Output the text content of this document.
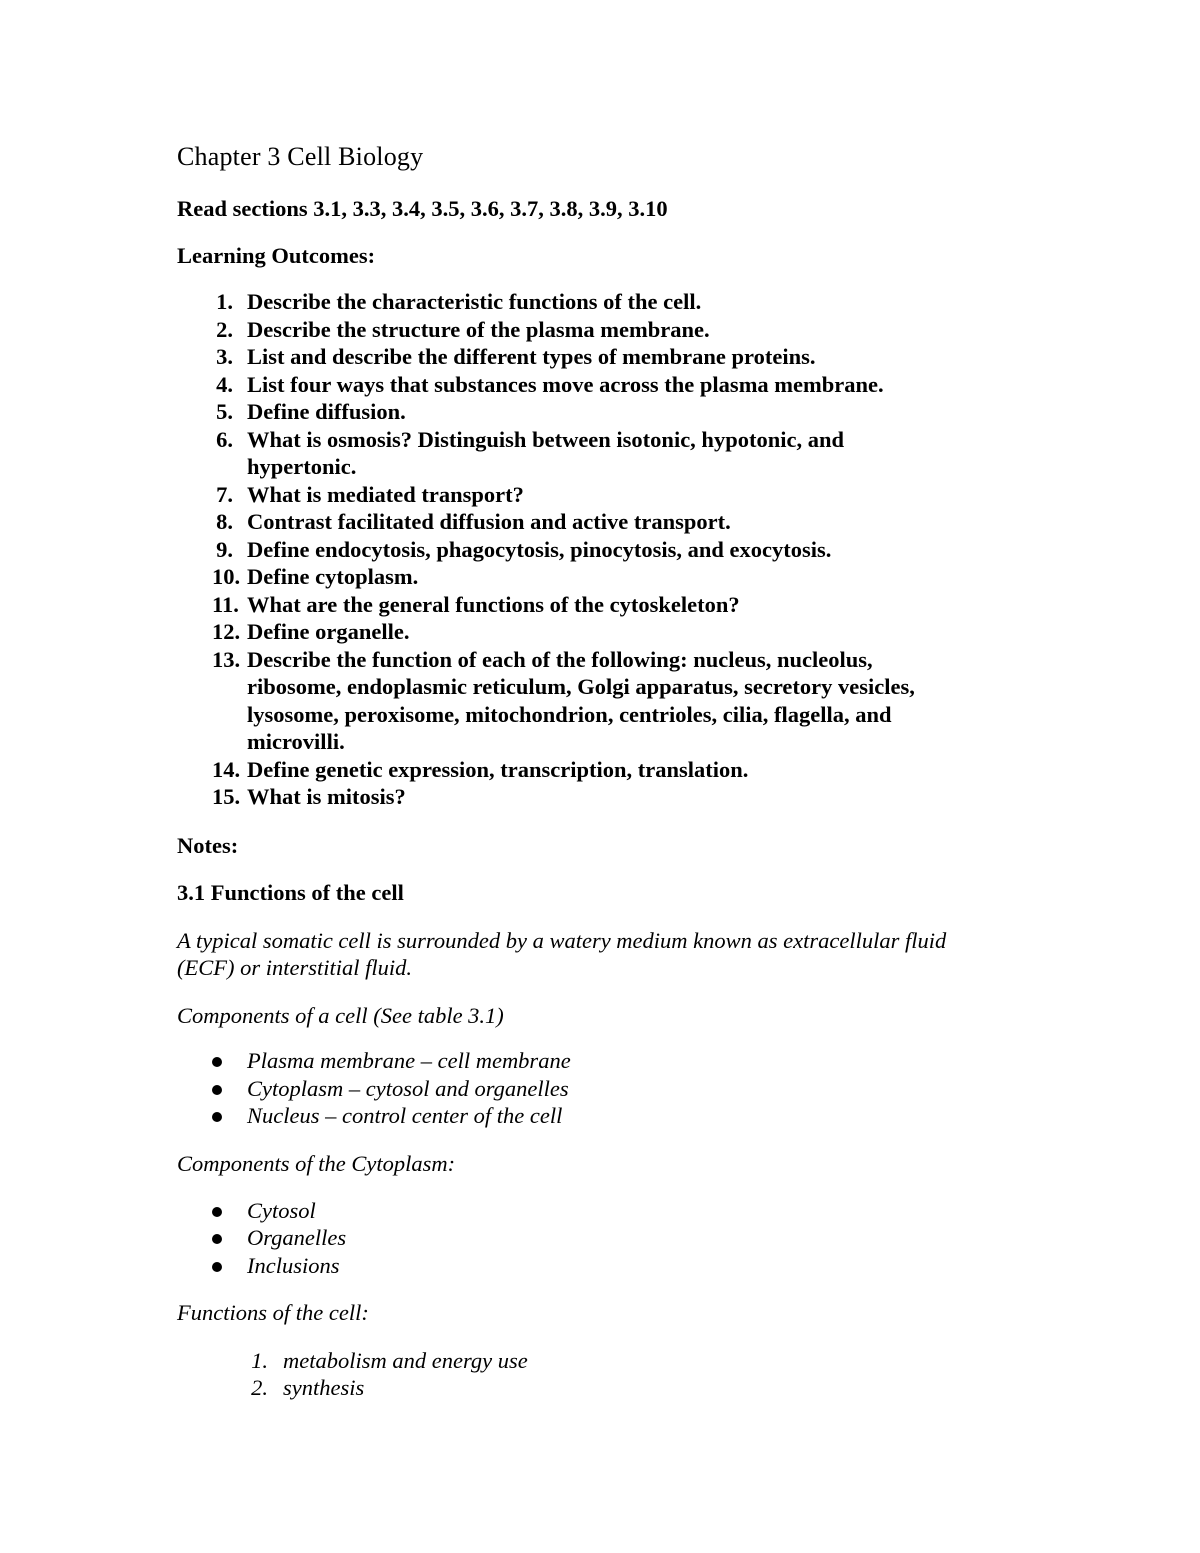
Chapter 3 Cell Biology
Read sections 3.1, 3.3, 3.4, 3.5, 3.6, 3.7, 3.8, 3.9, 3.10
Learning Outcomes:
1. Describe the characteristic functions of the cell.
2. Describe the structure of the plasma membrane.
3. List and describe the different types of membrane proteins.
4. List four ways that substances move across the plasma membrane.
5. Define diffusion.
6. What is osmosis? Distinguish between isotonic, hypotonic, and
hypertonic.
7. What is mediated transport?
8. Contrast facilitated diffusion and active transport.
9. Define endocytosis, phagocytosis, pinocytosis, and exocytosis.
10. Define cytoplasm.
11. What are the general functions of the cytoskeleton?
12. Define organelle.
13. Describe the function of each of the following: nucleus, nucleolus,
ribosome, endoplasmic reticulum, Golgi apparatus, secretory vesicles,
lysosome, peroxisome, mitochondrion, centrioles, cilia, flagella, and
microvilli.
14. Define genetic expression, transcription, translation.
15. What is mitosis?
Notes:
3.1 Functions of the cell
A typical somatic cell is surrounded by a watery medium known as extracellular fluid
(ECF) or interstitial fluid.
Components of a cell (See table 3.1)
Plasma membrane – cell membrane
Cytoplasm – cytosol and organelles
Nucleus – control center of the cell
Components of the Cytoplasm:
Cytosol
Organelles
Inclusions
Functions of the cell:
1. metabolism and energy use
2. synthesis
